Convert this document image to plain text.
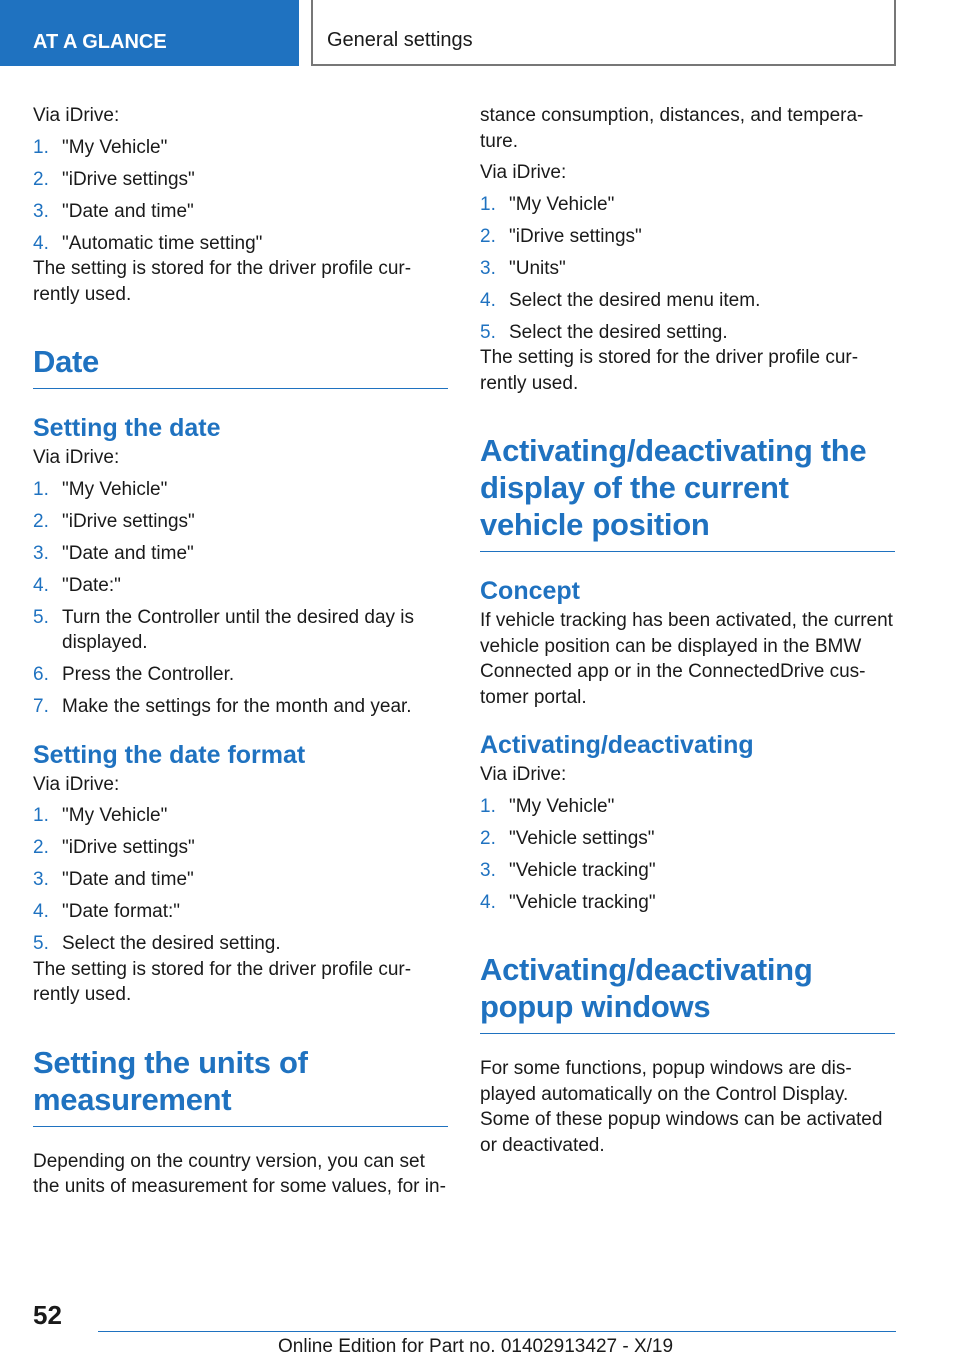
AT A GLANCE	General settings

Via iDrive:

1. "My Vehicle"
2. "iDrive settings"
3. "Date and time"
4. "Automatic time setting"

The setting is stored for the driver profile cur-rently used.

Date
Setting the date

Via iDrive:

1. "My Vehicle"
2. "iDrive settings"
3. "Date and time"
4. "Date:"
5. Turn the Controller until the desired day is displayed.
6. Press the Controller.
7. Make the settings for the month and year.
Setting the date format

Via iDrive:

1. "My Vehicle"
2. "iDrive settings"
3. "Date and time"
4. "Date format:"
5. Select the desired setting.

The setting is stored for the driver profile cur-rently used.

Setting the units of measurement

Depending on the country version, you can set the units of measurement for some values, for in-

stance consumption, distances, and tempera-ture.

Via iDrive:

1. "My Vehicle"
2. "iDrive settings"
3. "Units"
4. Select the desired menu item.
5. Select the desired setting.

The setting is stored for the driver profile cur-rently used.

Activating/deactivating the display of the current vehicle position
Concept

If vehicle tracking has been activated, the current vehicle position can be displayed in the BMW Connected app or in the ConnectedDrive cus-tomer portal.

Activating/deactivating

Via iDrive:

1. "My Vehicle"
2. "Vehicle settings"
3. "Vehicle tracking"
4. "Vehicle tracking"
Activating/deactivating popup windows

For some functions, popup windows are dis-played automatically on the Control Display. Some of these popup windows can be activated or deactivated.

52
Online Edition for Part no. 01402913427 - X/19
